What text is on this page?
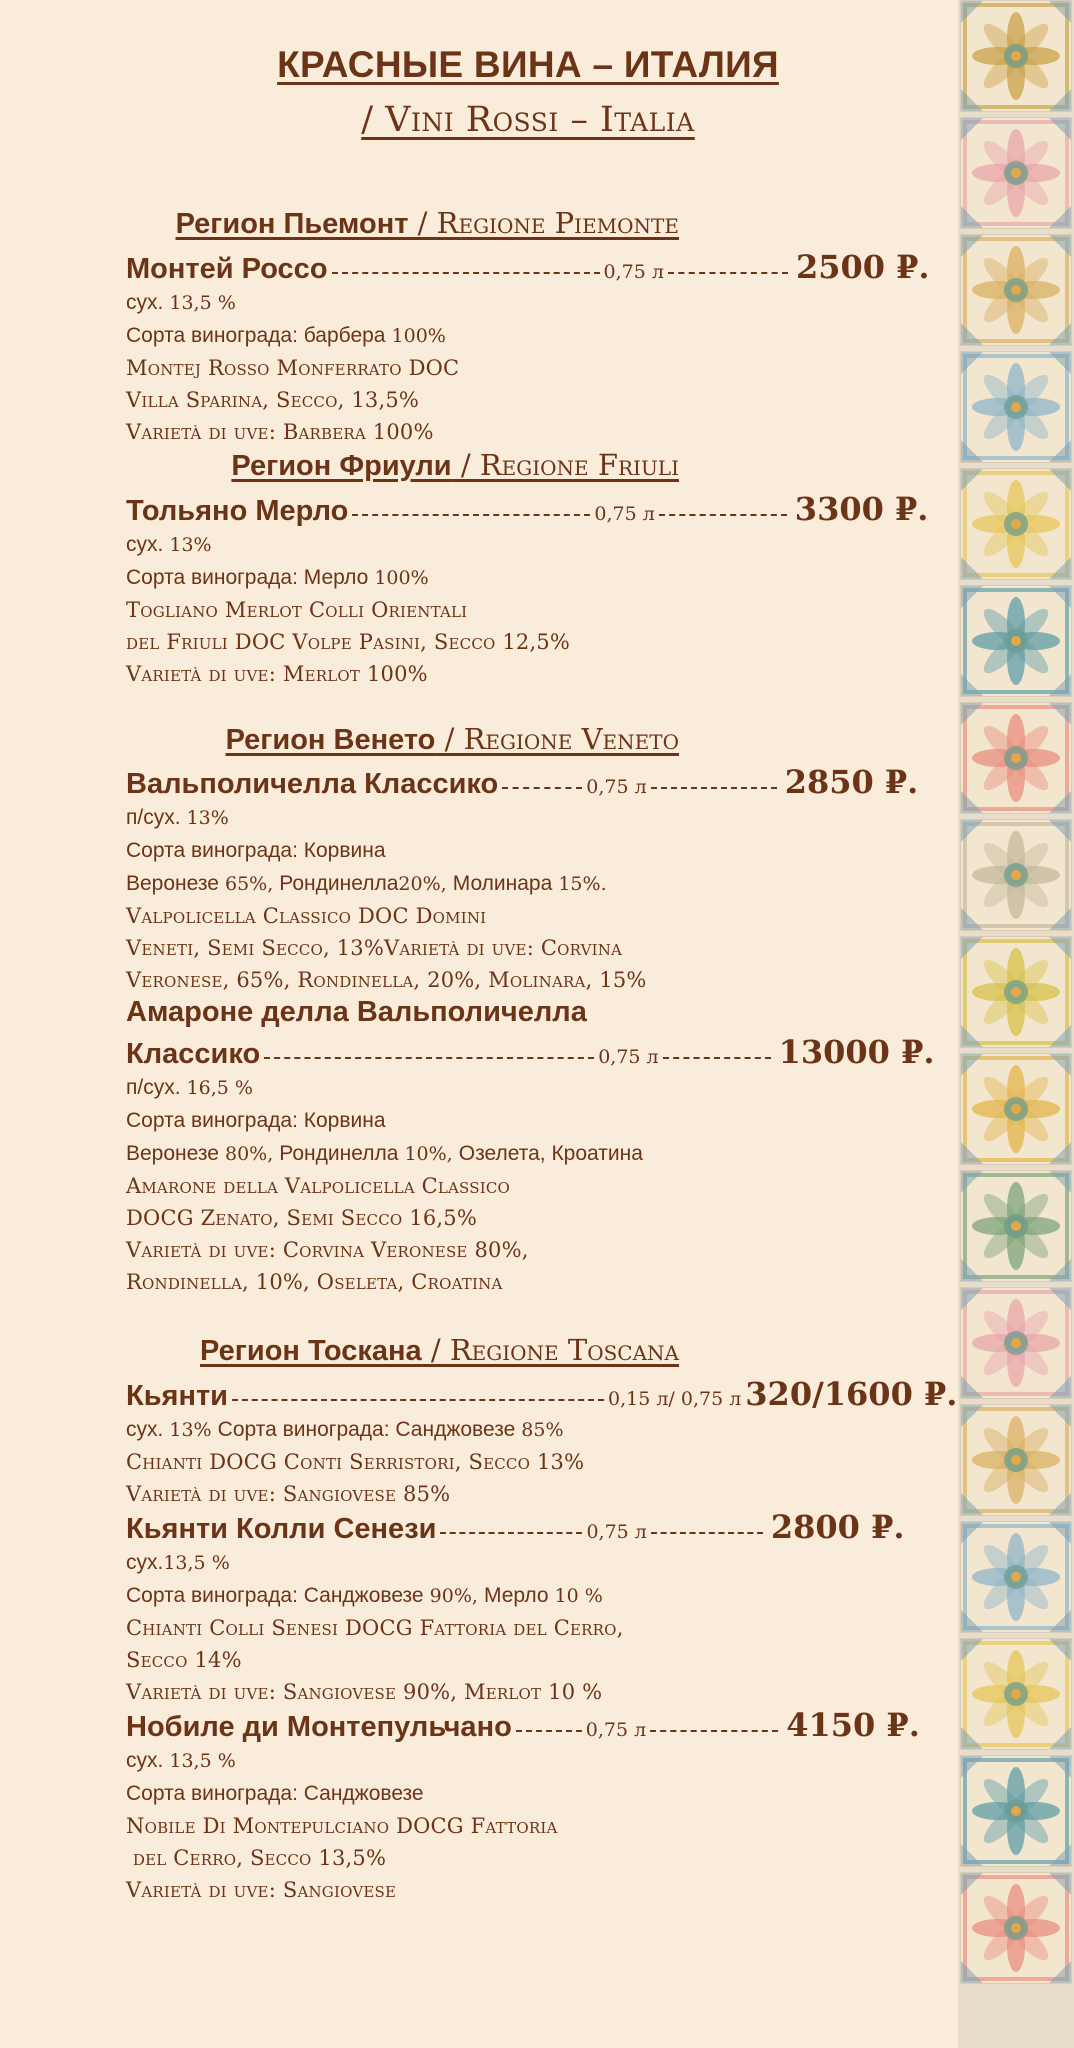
КРАСНЫЕ ВИНА – ИТАЛИЯ
/ Vini Rossi – Italia
Регион Пьемонт / Regione Piemonte
Монтей Россо	0,75 л	2500 ₽.
сух. 13,5 %
Сорта винограда: барбера 100%
Montej Rosso Monferrato DOC
Villa Sparina, Secco, 13,5%
Varietà di uve: Barbera 100%
Регион Фриули / Regione Friuli
Тольяно Мерло	0,75 л	3300 ₽.
сух. 13%
Сорта винограда: Мерло 100%
Togliano Merlot Colli Orientali
del Friuli DOC Volpe Pasini, Secco 12,5%
Varietà di uve: Merlot 100%
Регион Венето / Regione Veneto
Вальполичелла Классико	0,75 л	2850 ₽.
п/сух. 13%
Сорта винограда: Корвина
Веронезе 65%, Рондинелла20%, Молинара 15%.
Valpolicella Classico DOC Domini
Veneti, Semi Secco, 13%Varietà di uve: Corvina
Veronese, 65%, Rondinella, 20%, Molinara, 15%
Амароне делла Вальполичелла
Классико	0,75 л	13000 ₽.
п/сух. 16,5 %
Сорта винограда: Корвина
Веронезе 80%, Рондинелла 10%, Озелета, Кроатина
Amarone della Valpolicella Classico
DOCG Zenato, Semi Secco 16,5%
Varietà di uve: Corvina Veronese 80%,
Rondinella, 10%, Oseleta, Croatina
Регион Тоскана / Regione Toscana
Кьянти	0,15 л/ 0,75 л 320/1600 ₽.
сух. 13% Сорта винограда: Санджовезе 85%
Chianti DOCG Conti Serristori, Secco 13%
Varietà di uve: Sangiovese 85%
Кьянти Колли Сенези	0,75 л	2800 ₽.
сух.13,5 %
Сорта винограда: Санджовезе 90%, Мерло 10 %
Chianti Colli Senesi DOCG Fattoria del Cerro,
Secco 14%
Varietà di uve: Sangiovese 90%, Merlot 10 %
Нобиле ди Монтепульчано	0,75 л	4150 ₽.
сух. 13,5 %
Сорта винограда: Санджовезе
Nobile Di Montepulciano DOCG Fattoria
del Cerro, Secco 13,5%
Varietà di uve: Sangiovese
